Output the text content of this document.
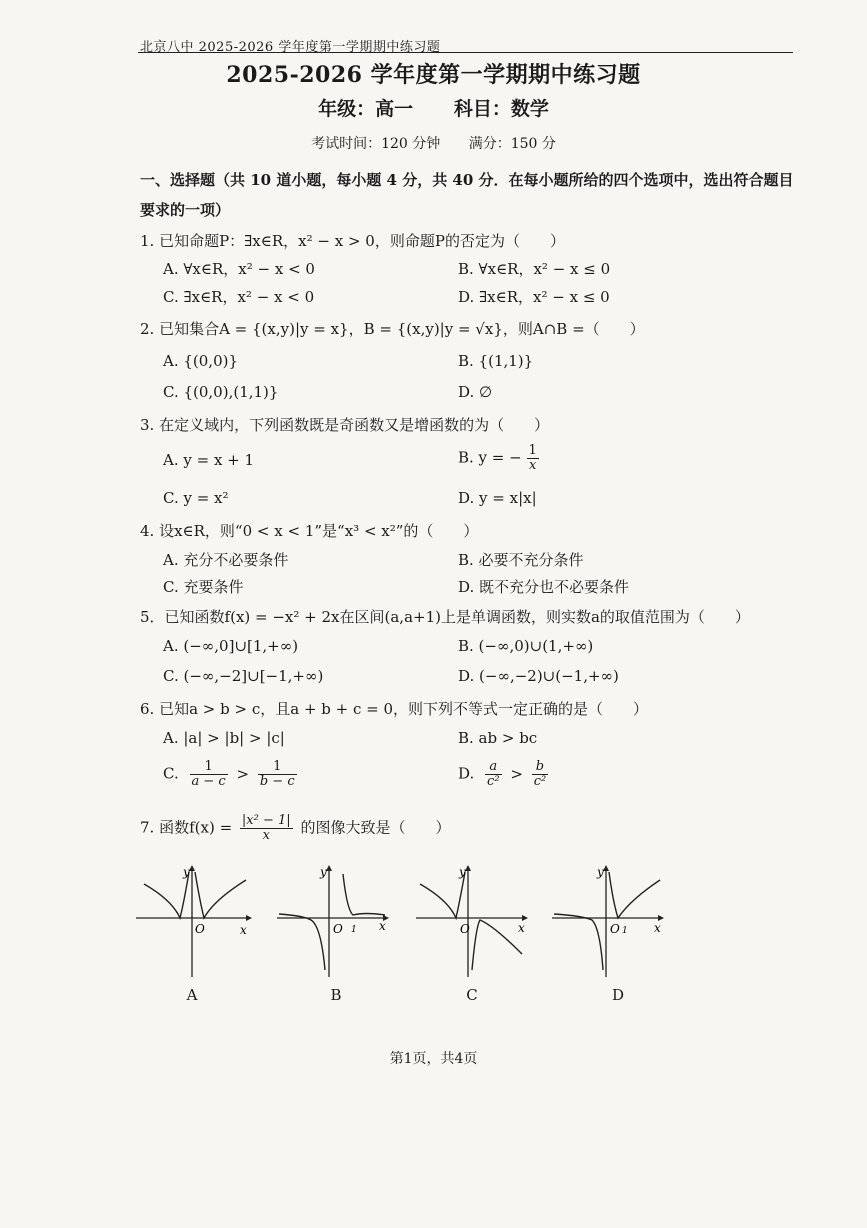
北京八中 2025-2026 学年度第一学期期中练习题
2025-2026 学年度第一学期期中练习题
年级：高一 科目：数学
考试时间：120 分钟 满分：150 分
一、选择题（共 10 道小题，每小题 4 分，共 40 分．在每小题所给的四个选项中，选出符合题目要求的一项）
1. 已知命题P：∃x∈R，x² − x > 0，则命题P的否定为（　　）
A. ∀x∈R，x² − x < 0	B. ∀x∈R，x² − x ≤ 0
C. ∃x∈R，x² − x < 0	D. ∃x∈R，x² − x ≤ 0
2. 已知集合A = {(x,y)|y = x}，B = {(x,y)|y = √x}，则A∩B =（　　）
A. {(0,0)}	B. {(1,1)}
C. {(0,0),(1,1)}	D. ∅
3. 在定义域内，下列函数既是奇函数又是增函数的为（　　）
A. y = x + 1	B. y = − $\frac{1}{x}$
C. y = x²	D. y = x|x|
4. 设x∈R，则“0 < x < 1”是“x³ < x²”的（　　）
A. 充分不必要条件	B. 必要不充分条件
C. 充要条件	D. 既不充分也不必要条件
5．已知函数f(x) = −x² + 2x在区间(a,a+1)上是单调函数，则实数a的取值范围为（　　）
A. (−∞,0]∪[1,+∞)	B. (−∞,0)∪(1,+∞)
C. (−∞,−2]∪[−1,+∞)	D. (−∞,−2)∪(−1,+∞)
6. 已知a > b > c，且a + b + c = 0，则下列不等式一定正确的是（　　）
A. |a| > |b| > |c|	B. ab > bc
C. $\frac{1}{a - c} > \frac{1}{b - c}$	D. $\frac{a}{\text{c²}} > \frac{b}{\text{c²}}$
7. 函数$f(x) = \frac{\text{|x² − 1|}}{x}$ 的图像大致是（　　）
y
x
O
A
y
x
O 1
B
y
x
O
C
y
x
O 1
D
第1页，共4页
